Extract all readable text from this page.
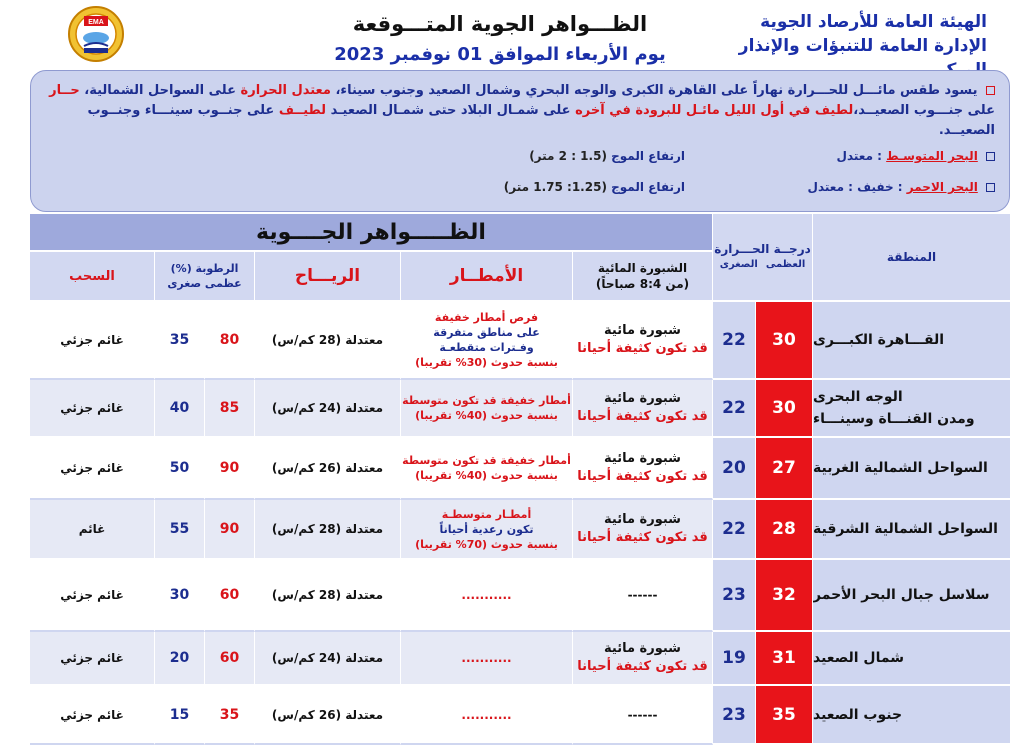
الهيئة العامة للأرصاد الجوية
الإدارة العامة للتنبؤات والإنذار
الظـــواهر الجوية المتـــوقعة
يوم الأربعاء الموافق 01 نوفمبر 2023
EMA
يسود طقس مائـــل للحـــرارة نهاراً على القاهرة الكبرى والوجه البحري وشمال الصعيد وجنوب سيناء، معتدل الحرارة على السواحل الشمالية، حــار على جنـــوب الصعيــد،لطيف في أول الليل مائـل للبرودة في آخره على شمـال البلاد حتى شمـال الصعيـد لطيــف على جنــوب سينـــاء وجنــوب الصعيــد.
البحر المتوسـط : معتدل
ارتفاع الموج (1.5 : 2 متر)
البحر الاحمر : خفيف : معتدل
ارتفاع الموج (1.25: 1.75 متر)
المنطقة
درجــة الحـــرارة
العظمى
الصغرى
الظـــــواهر الجــــوية
الشبورة المائية
(من 8:4 صباحاً)
الأمطــار
الريـــاح
الرطوبة (%)
عظمى صغرى
السحب
القـــاهرة الكبـــرى
30
22
شبورة مائية
قد تكون كثيفة أحيانا
فرص أمطار خفيفة
على مناطق متفرقة
وفـترات متقطعـة
بنسبة حدوث (30% تقريبا)
معتدلة (28 كم/س)
80
35
غائم جزئي
الوجه البحرى
ومدن القنـــاة وسينـــاء
30
22
شبورة مائية
قد تكون كثيفة أحيانا
أمطار خفيفة قد تكون متوسطة
بنسبة حدوث (40% تقريبا)
معتدلة (24 كم/س)
85
40
غائم جزئي
السواحل الشمالية الغربية
27
20
شبورة مائية
قد تكون كثيفة أحيانا
أمطار خفيفة قد تكون متوسطة
بنسبة حدوث (40% تقريبا)
معتدلة (26 كم/س)
90
50
غائم جزئي
السواحل الشمالية الشرقية
28
22
شبورة مائية
قد تكون كثيفة أحيانا
أمطـار متوسطـة
تكون رعدية أحياناً
بنسبة حدوث (70% تقريبا)
معتدلة (28 كم/س)
90
55
غائم
سلاسل جبال البحر الأحمر
32
23
------
...........
معتدلة (28 كم/س)
60
30
غائم جزئي
شمال الصعيد
31
19
شبورة مائية
قد تكون كثيفة أحيانا
...........
معتدلة (24 كم/س)
60
20
غائم جزئي
جنوب الصعيد
35
23
------
...........
معتدلة (26 كم/س)
35
15
غائم جزئي
